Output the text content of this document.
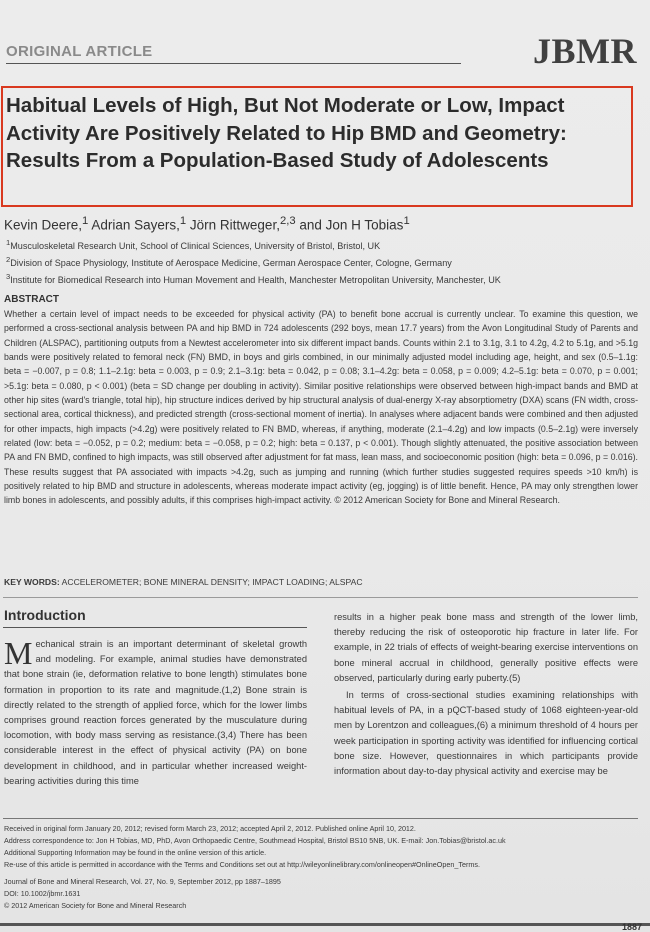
ORIGINAL ARTICLE	JBMR
Habitual Levels of High, But Not Moderate or Low, Impact Activity Are Positively Related to Hip BMD and Geometry: Results From a Population-Based Study of Adolescents
Kevin Deere,$^1$ Adrian Sayers,$^1$ Jörn Rittweger,$^{2,3}$ and Jon H Tobias$^1$
$^1$Musculoskeletal Research Unit, School of Clinical Sciences, University of Bristol, Bristol, UK
$^2$Division of Space Physiology, Institute of Aerospace Medicine, German Aerospace Center, Cologne, Germany
$^3$Institute for Biomedical Research into Human Movement and Health, Manchester Metropolitan University, Manchester, UK
ABSTRACT
Whether a certain level of impact needs to be exceeded for physical activity (PA) to benefit bone accrual is currently unclear. To examine this question, we performed a cross-sectional analysis between PA and hip BMD in 724 adolescents (292 boys, mean 17.7 years) from the Avon Longitudinal Study of Parents and Children (ALSPAC), partitioning outputs from a Newtest accelerometer into six different impact bands. Counts within 2.1 to 3.1g, 3.1 to 4.2g, 4.2 to 5.1g, and >5.1g bands were positively related to femoral neck (FN) BMD, in boys and girls combined, in our minimally adjusted model including age, height, and sex (0.5–1.1g: beta = −0.007, p = 0.8; 1.1–2.1g: beta = 0.003, p = 0.9; 2.1–3.1g: beta = 0.042, p = 0.08; 3.1–4.2g: beta = 0.058, p = 0.009; 4.2–5.1g: beta = 0.070, p = 0.001; >5.1g: beta = 0.080, p < 0.001) (beta = SD change per doubling in activity). Similar positive relationships were observed between high-impact bands and BMD at other hip sites (ward's triangle, total hip), hip structure indices derived by hip structural analysis of dual-energy X-ray absorptiometry (DXA) scans (FN width, cross-sectional area, cortical thickness), and predicted strength (cross-sectional moment of inertia). In analyses where adjacent bands were combined and then adjusted for other impacts, high impacts (>4.2g) were positively related to FN BMD, whereas, if anything, moderate (2.1–4.2g) and low impacts (0.5–2.1g) were inversely related (low: beta = −0.052, p = 0.2; medium: beta = −0.058, p = 0.2; high: beta = 0.137, p < 0.001). Though slightly attenuated, the positive association between PA and FN BMD, confined to high impacts, was still observed after adjustment for fat mass, lean mass, and socioeconomic position (high: beta = 0.096, p = 0.016). These results suggest that PA associated with impacts >4.2g, such as jumping and running (which further studies suggested requires speeds >10 km/h) is positively related to hip BMD and structure in adolescents, whereas moderate impact activity (eg, jogging) is of little benefit. Hence, PA may only strengthen lower limb bones in adolescents, and possibly adults, if this comprises high-impact activity. © 2012 American Society for Bone and Mineral Research.
KEY WORDS: ACCELEROMETER; BONE MINERAL DENSITY; IMPACT LOADING; ALSPAC
Introduction
Mechanical strain is an important determinant of skeletal growth and modeling. For example, animal studies have demonstrated that bone strain (ie, deformation relative to bone length) stimulates bone formation in proportion to its rate and magnitude.(1,2) Bone strain is directly related to the strength of applied force, which for the lower limbs comprises ground reaction forces generated by the musculature during locomotion, with body mass serving as resistance.(3,4) There has been considerable interest in the effect of physical activity (PA) on bone development in childhood, and in particular whether increased weight-bearing activities during this time

results in a higher peak bone mass and strength of the lower limb, thereby reducing the risk of osteoporotic hip fracture in later life. For example, in 22 trials of effects of weight-bearing exercise interventions on bone mineral accrual in childhood, generally positive effects were observed, particularly during early puberty.(5)

In terms of cross-sectional studies examining relationships with habitual levels of PA, in a pQCT-based study of 1068 eighteen-year-old men by Lorentzon and colleagues,(6) a minimum threshold of 4 hours per week participation in sporting activity was identified for influencing cortical bone size. However, questionnaires in which participants provide information about day-to-day physical activity and exercise may be

Received in original form January 20, 2012; revised form March 23, 2012; accepted April 2, 2012. Published online April 10, 2012.
Address correspondence to: Jon H Tobias, MD, PhD, Avon Orthopaedic Centre, Southmead Hospital, Bristol BS10 5NB, UK. E-mail: Jon.Tobias@bristol.ac.uk
Additional Supporting Information may be found in the online version of this article.
Re-use of this article is permitted in accordance with the Terms and Conditions set out at http://wileyonlinelibrary.com/onlineopen#OnlineOpen_Terms.
Journal of Bone and Mineral Research, Vol. 27, No. 9, September 2012, pp 1887–1895
DOI: 10.1002/jbmr.1631
© 2012 American Society for Bone and Mineral Research
1887
